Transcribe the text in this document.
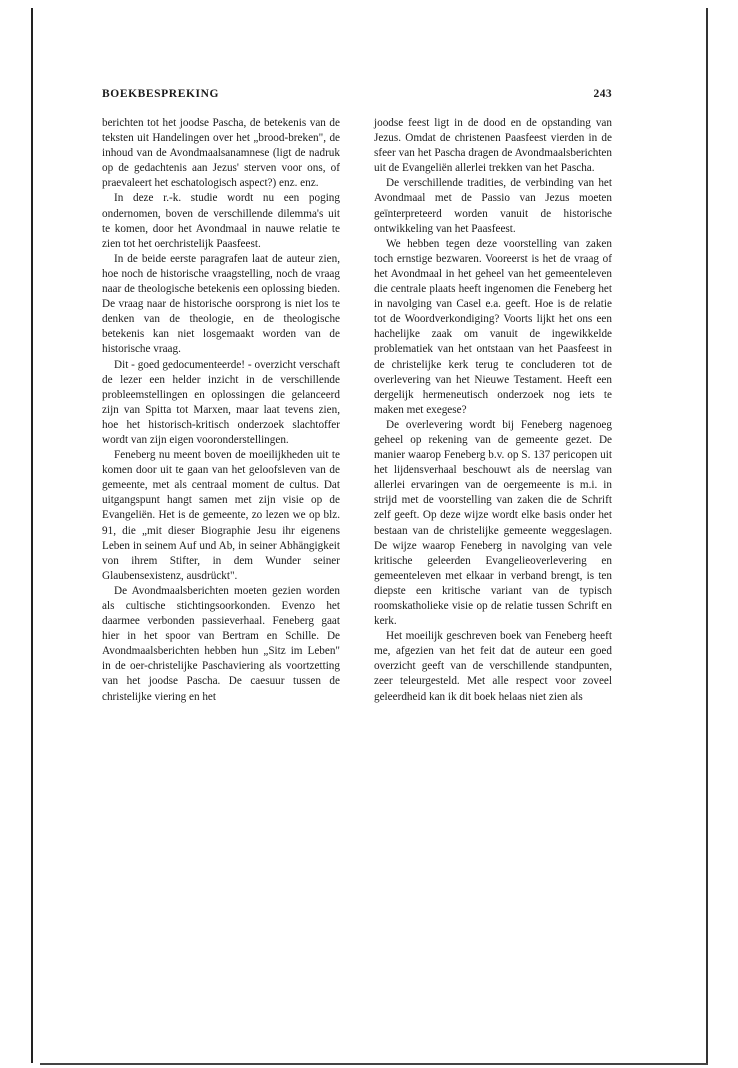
BOEKBESPREKING	243

berichten tot het joodse Pascha, de betekenis van de teksten uit Handelingen over het „brood-breken", de inhoud van de Avondmaalsanamnese (ligt de nadruk op de gedachtenis aan Jezus' sterven voor ons, of praevaleert het eschatologisch aspect?) enz. enz.

In deze r.-k. studie wordt nu een poging ondernomen, boven de verschillende dilemma's uit te komen, door het Avondmaal in nauwe relatie te zien tot het oerchristelijk Paasfeest.

In de beide eerste paragrafen laat de auteur zien, hoe noch de historische vraagstelling, noch de vraag naar de theologische betekenis een oplossing bieden. De vraag naar de historische oorsprong is niet los te denken van de theologie, en de theologische betekenis kan niet losgemaakt worden van de historische vraag.

Dit - goed gedocumenteerde! - overzicht verschaft de lezer een helder inzicht in de verschillende probleemstellingen en oplossingen die gelanceerd zijn van Spitta tot Marxen, maar laat tevens zien, hoe het historisch-kritisch onderzoek slachtoffer wordt van zijn eigen vooronderstellingen.

Feneberg nu meent boven de moeilijkheden uit te komen door uit te gaan van het geloofsleven van de gemeente, met als centraal moment de cultus. Dat uitgangspunt hangt samen met zijn visie op de Evangeliën. Het is de gemeente, zo lezen we op blz. 91, die „mit dieser Biographie Jesu ihr eigenens Leben in seinem Auf und Ab, in seiner Abhängigkeit von ihrem Stifter, in dem Wunder seiner Glaubensexistenz, ausdrückt".

De Avondmaalsberichten moeten gezien worden als cultische stichtingsoorkonden. Evenzo het daarmee verbonden passieverhaal. Feneberg gaat hier in het spoor van Bertram en Schille. De Avondmaalsberichten hebben hun „Sitz im Leben" in de oer-christelijke Paschaviering als voortzetting van het joodse Pascha. De caesuur tussen de christelijke viering en het

joodse feest ligt in de dood en de opstanding van Jezus. Omdat de christenen Paasfeest vierden in de sfeer van het Pascha dragen de Avondmaalsberichten uit de Evangeliën allerlei trekken van het Pascha.

De verschillende tradities, de verbinding van het Avondmaal met de Passio van Jezus moeten geïnterpreteerd worden vanuit de historische ontwikkeling van het Paasfeest.

We hebben tegen deze voorstelling van zaken toch ernstige bezwaren. Vooreerst is het de vraag of het Avondmaal in het geheel van het gemeenteleven die centrale plaats heeft ingenomen die Feneberg het in navolging van Casel e.a. geeft. Hoe is de relatie tot de Woordverkondiging? Voorts lijkt het ons een hachelijke zaak om vanuit de ingewikkelde problematiek van het ontstaan van het Paasfeest in de christelijke kerk terug te concluderen tot de overlevering van het Nieuwe Testament. Heeft een dergelijk hermeneutisch onderzoek nog iets te maken met exegese?

De overlevering wordt bij Feneberg nagenoeg geheel op rekening van de gemeente gezet. De manier waarop Feneberg b.v. op S. 137 pericopen uit het lijdensverhaal beschouwt als de neerslag van allerlei ervaringen van de oergemeente is m.i. in strijd met de voorstelling van zaken die de Schrift zelf geeft. Op deze wijze wordt elke basis onder het bestaan van de christelijke gemeente weggeslagen. De wijze waarop Feneberg in navolging van vele kritische geleerden Evangelieoverlevering en gemeenteleven met elkaar in verband brengt, is ten diepste een kritische variant van de typisch roomskatholieke visie op de relatie tussen Schrift en kerk.

Het moeilijk geschreven boek van Feneberg heeft me, afgezien van het feit dat de auteur een goed overzicht geeft van de verschillende standpunten, zeer teleurgesteld. Met alle respect voor zoveel geleerdheid kan ik dit boek helaas niet zien als
